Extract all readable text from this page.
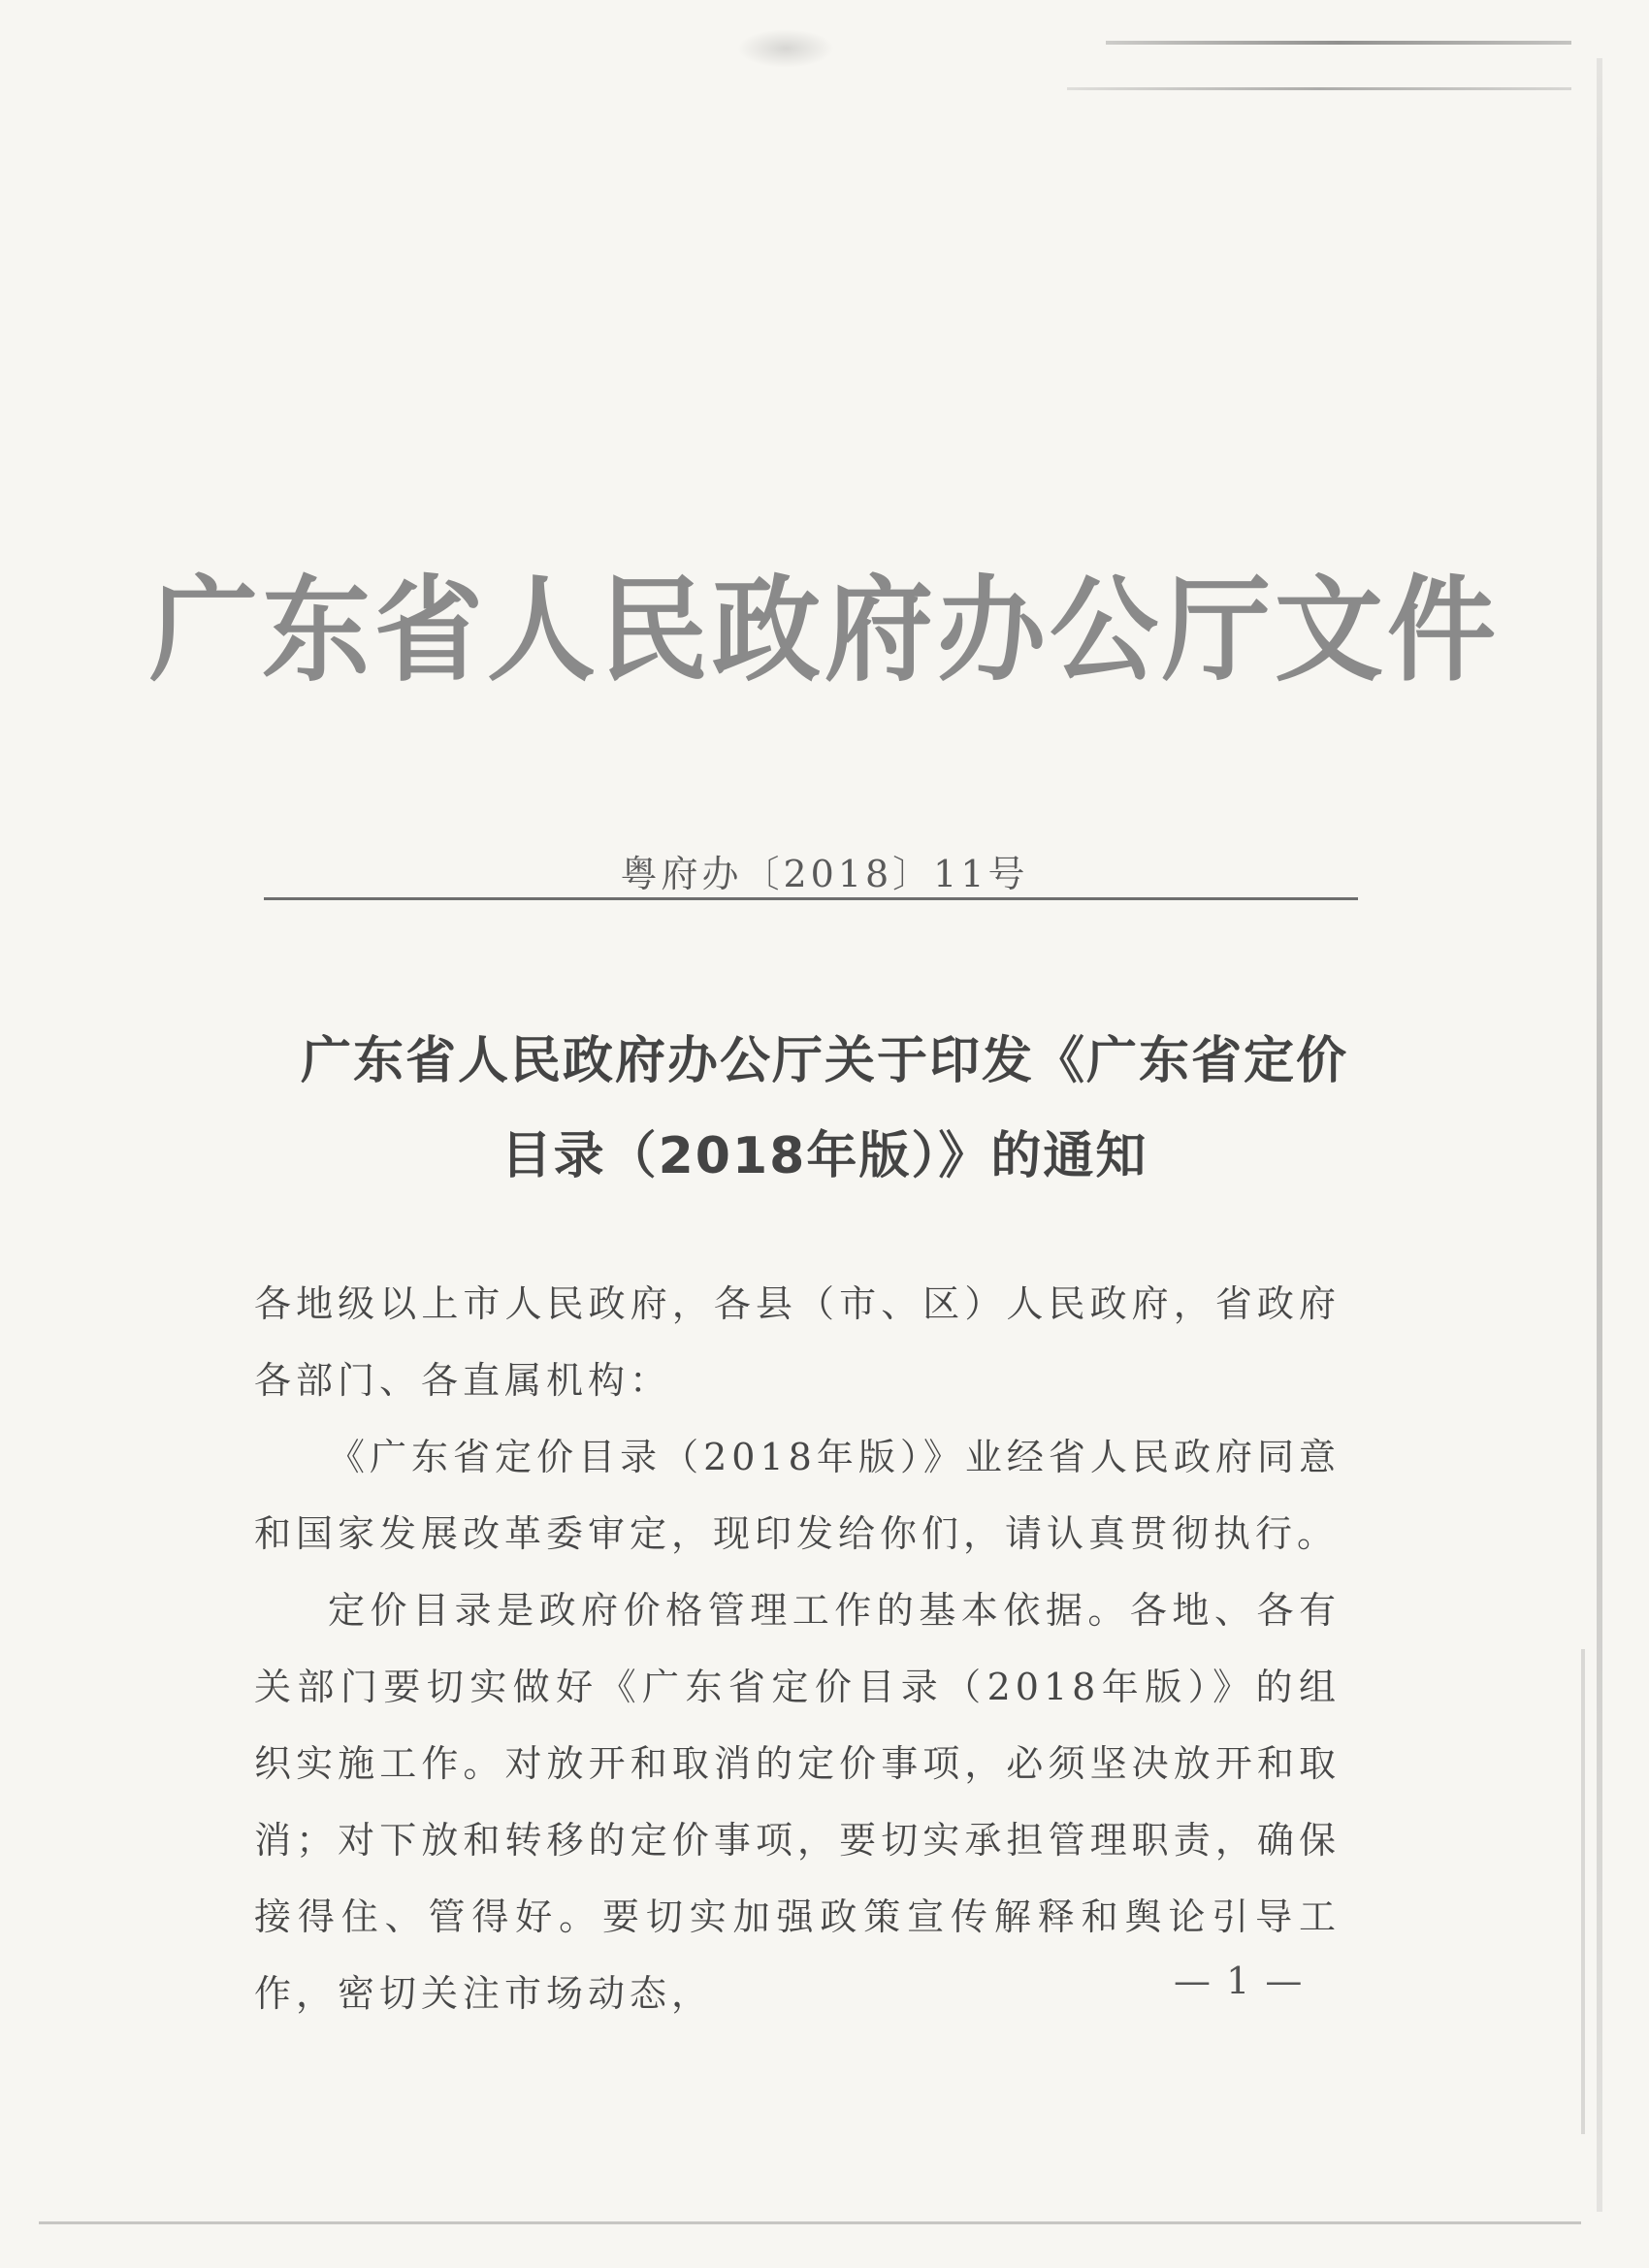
广东省人民政府办公厅文件
粤府办〔2018〕11号
广东省人民政府办公厅关于印发《广东省定价
目录（2018年版）》的通知

各地级以上市人民政府，各县（市、区）人民政府，省政府各部门、各直属机构：

《广东省定价目录（2018年版）》业经省人民政府同意和国家发展改革委审定，现印发给你们，请认真贯彻执行。

定价目录是政府价格管理工作的基本依据。各地、各有关部门要切实做好《广东省定价目录（2018年版）》的组织实施工作。对放开和取消的定价事项，必须坚决放开和取消；对下放和转移的定价事项，要切实承担管理职责，确保接得住、管得好。要切实加强政策宣传解释和舆论引导工作，密切关注市场动态，	— 1 —
